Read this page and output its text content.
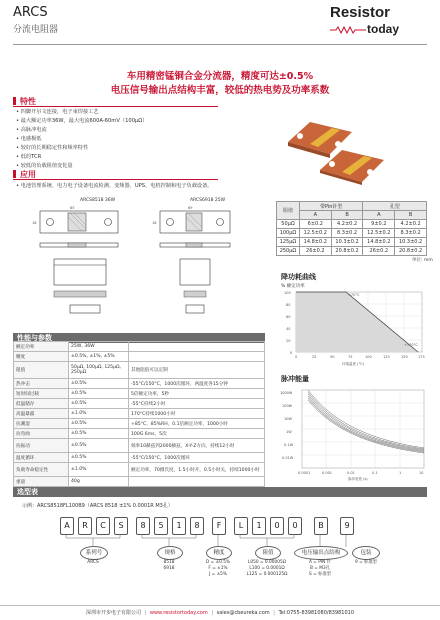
ARCS
分流电阻器
Resistor
today
车用精密锰铜合金分流器，精度可达±0.5%
电压信号输出点结构丰富，较低的热电势及功率系数
特性
• 四脚开尔文连接，电子束焊接工艺
• 最大额定功率36W，最大电流600A-60mV（100μΩ）
• 高脉冲电流
• 电感极低
• 较好的长期稳定性和频率特性
• 低的TCR
• 较低的负载阻值变化量
应用
• 电池管理系统、电力电子设备电流检测、变频器、UPS、电机控制和电子负载设备。
ARCS8518 36W	ARCS6918 25W
85
18
69
18
阻值	带Pin针型		孔型	
	A	B	A	B
50μΩ	6±0.2	4.2±0.2	9±0.2	4.2±0.2
100μΩ	12.5±0.2	8.3±0.2	12.5±0.2	8.3±0.2
125μΩ	14.8±0.2	10.3±0.2	14.8±0.2	10.3±0.2
250μΩ	26±0.2	20.8±0.2	26±0.2	20.8±0.2
单位: mm
降功耗曲线
% 额定功率
+70°C
+170°C
100
80
60
40
20
0
0	25	50	75	100	125	150	175
环境温度 (°C)
脉冲能量
1000W
100W
10W
1W
0.1W
0.01W
0.0001	0.001	0.01	0.1	1	10
脉冲宽度 (s)
性能与参数
额定功率	25W, 36W	
精度	±0.5%, ±1%, ±5%	
阻值	50μΩ, 100μΩ, 125μΩ, 250μΩ	其他阻值可以定制
热冲击	±0.5%	-55°C/150°C，1000次循环，两温度各15分钟
短时间过载	±0.5%	5倍额定功率，5秒
低温储存	±0.5%	-55°C持续2小时
高温暴露	±1.0%	170°C持续1000小时
抗潮湿	±0.5%	+85°C，85%RH，0.1倍额定功率，1000小时
抗弯曲	±0.5%	100G 6ms，5次
抗振动	±0.5%	频率10赫兹到2000赫兹，X-Y-Z方向，持续12小时
温度循环	±0.5%	-55°C/150°C，1000次循环
负载寿命稳定性	±1.0%	额定功率，70摄氏度，1.5小时开，0.5小时关，持续1000小时
重量	40g	
选型表
示例：ARCS8518FL100B9（ARCS 8518 ±1% 0.0001R M3孔）
A	R	C	S	8	5	1	8	F	L	1	0	0	B	9
系列号
ARCS
规格
8518
6918
精度
D = ±0.5%
F = ±1%
J = ±5%
阻值
L050 = 0.00005Ω
L100 = 0.0001Ω
L125 = 0.000125Ω
电压输出点结构
A = PIN 针
B = M3孔
S = 标准型
包装
9 = 标准型
深圳市开步电子有限公司 | www.resistortoday.com | sales@cbeureka.com | Tel:0755-83981080/83981010
